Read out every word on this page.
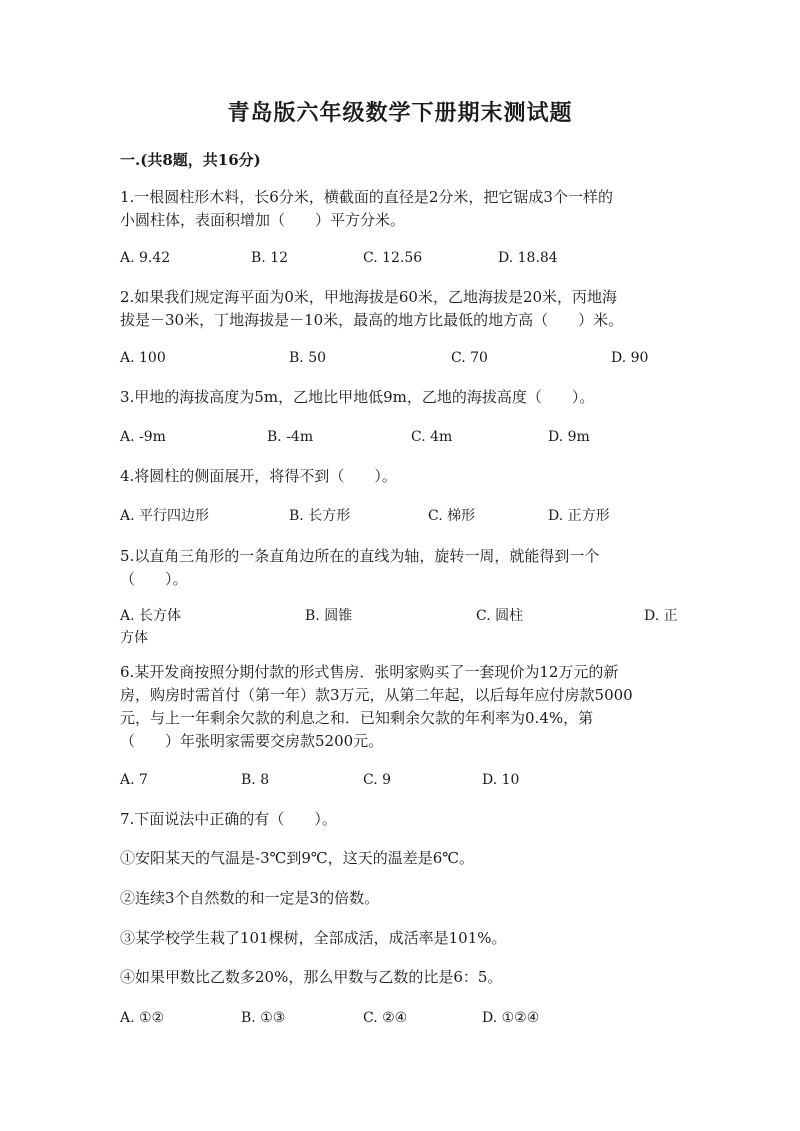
青岛版六年级数学下册期末测试题
一.(共8题，共16分)
1.一根圆柱形木料，长6分米，横截面的直径是2分米，把它锯成3个一样的
小圆柱体，表面积增加（　　）平方分米。
A. 9.42	B. 12	C. 12.56	D. 18.84
2.如果我们规定海平面为0米，甲地海拔是60米，乙地海拔是20米，丙地海
拔是－30米，丁地海拔是－10米，最高的地方比最低的地方高（　　）米。
A. 100	B. 50	C. 70	D. 90
3.甲地的海拔高度为5m，乙地比甲地低9m，乙地的海拔高度（　　）。
A. -9m	B. -4m	C. 4m	D. 9m
4.将圆柱的侧面展开，将得不到（　　）。
A. 平行四边形	B. 长方形	C. 梯形	D. 正方形
5.以直角三角形的一条直角边所在的直线为轴，旋转一周，就能得到一个
（　　）。
A. 长方体	B. 圆锥	C. 圆柱	D. 正
方体
6.某开发商按照分期付款的形式售房．张明家购买了一套现价为12万元的新
房，购房时需首付（第一年）款3万元，从第二年起，以后每年应付房款5000
元，与上一年剩余欠款的利息之和．已知剩余欠款的年利率为0.4%，第
（　　）年张明家需要交房款5200元。
A. 7	B. 8	C. 9	D. 10
7.下面说法中正确的有（　　）。
①安阳某天的气温是-3℃到9℃，这天的温差是6℃。
②连续3个自然数的和一定是3的倍数。
③某学校学生栽了101棵树，全部成活，成活率是101%。
④如果甲数比乙数多20%，那么甲数与乙数的比是6：5。
A. ①②	B. ①③	C. ②④	D. ①②④
